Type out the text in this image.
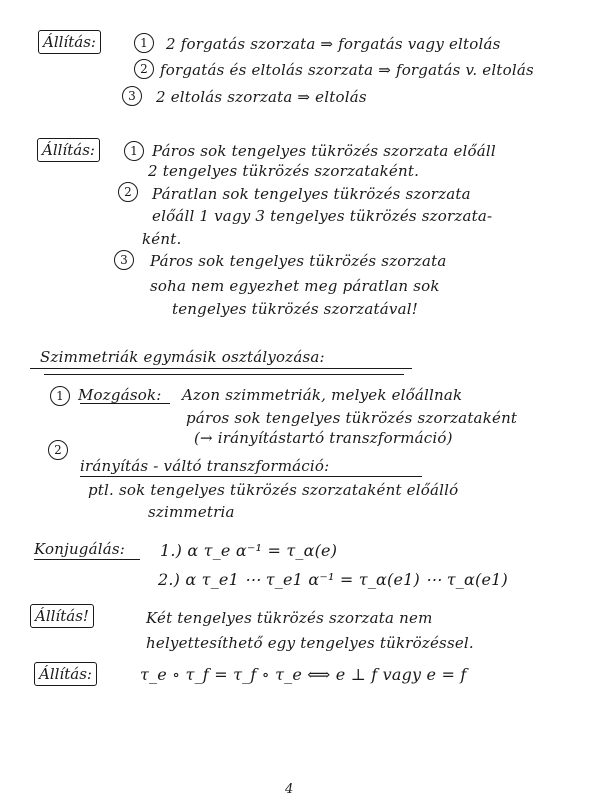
Állítás:	1	2 forgatás szorzata ⇒ forgatás vagy eltolás
2 forgatás és eltolás szorzata ⇒ forgatás v. eltolás
3	2 eltolás szorzata ⇒ eltolás
Állítás:	1 Páros sok tengelyes tükrözés szorzata előáll
2 tengelyes tükrözés szorzataként.
2	Páratlan sok tengelyes tükrözés szorzata
előáll 1 vagy 3 tengelyes tükrözés szorzata-
ként.
3	Páros sok tengelyes tükrözés szorzata
soha nem egyezhet meg páratlan sok
tengelyes tükrözés szorzatával!
Szimmetriák egymásik osztályozása:
1 Mozgások: Azon szimmetriák, melyek előállnak
páros sok tengelyes tükrözés szorzataként
(→ irányítástartó transzformáció)
2
irányítás - váltó transzformáció:
ptl. sok tengelyes tükrözés szorzataként előálló
szimmetria
Konjugálás: 1.) α τ_e α⁻¹ = τ_α(e)
2.) α τ_e1 ⋯ τ_e1 α⁻¹ = τ_α(e1) ⋯ τ_α(e1)
Állítás!	Két tengelyes tükrözés szorzata nem
helyettesíthető egy tengelyes tükrözéssel.
Állítás:	τ_e ∘ τ_f = τ_f ∘ τ_e ⟺ e ⊥ f vagy e = f
4
